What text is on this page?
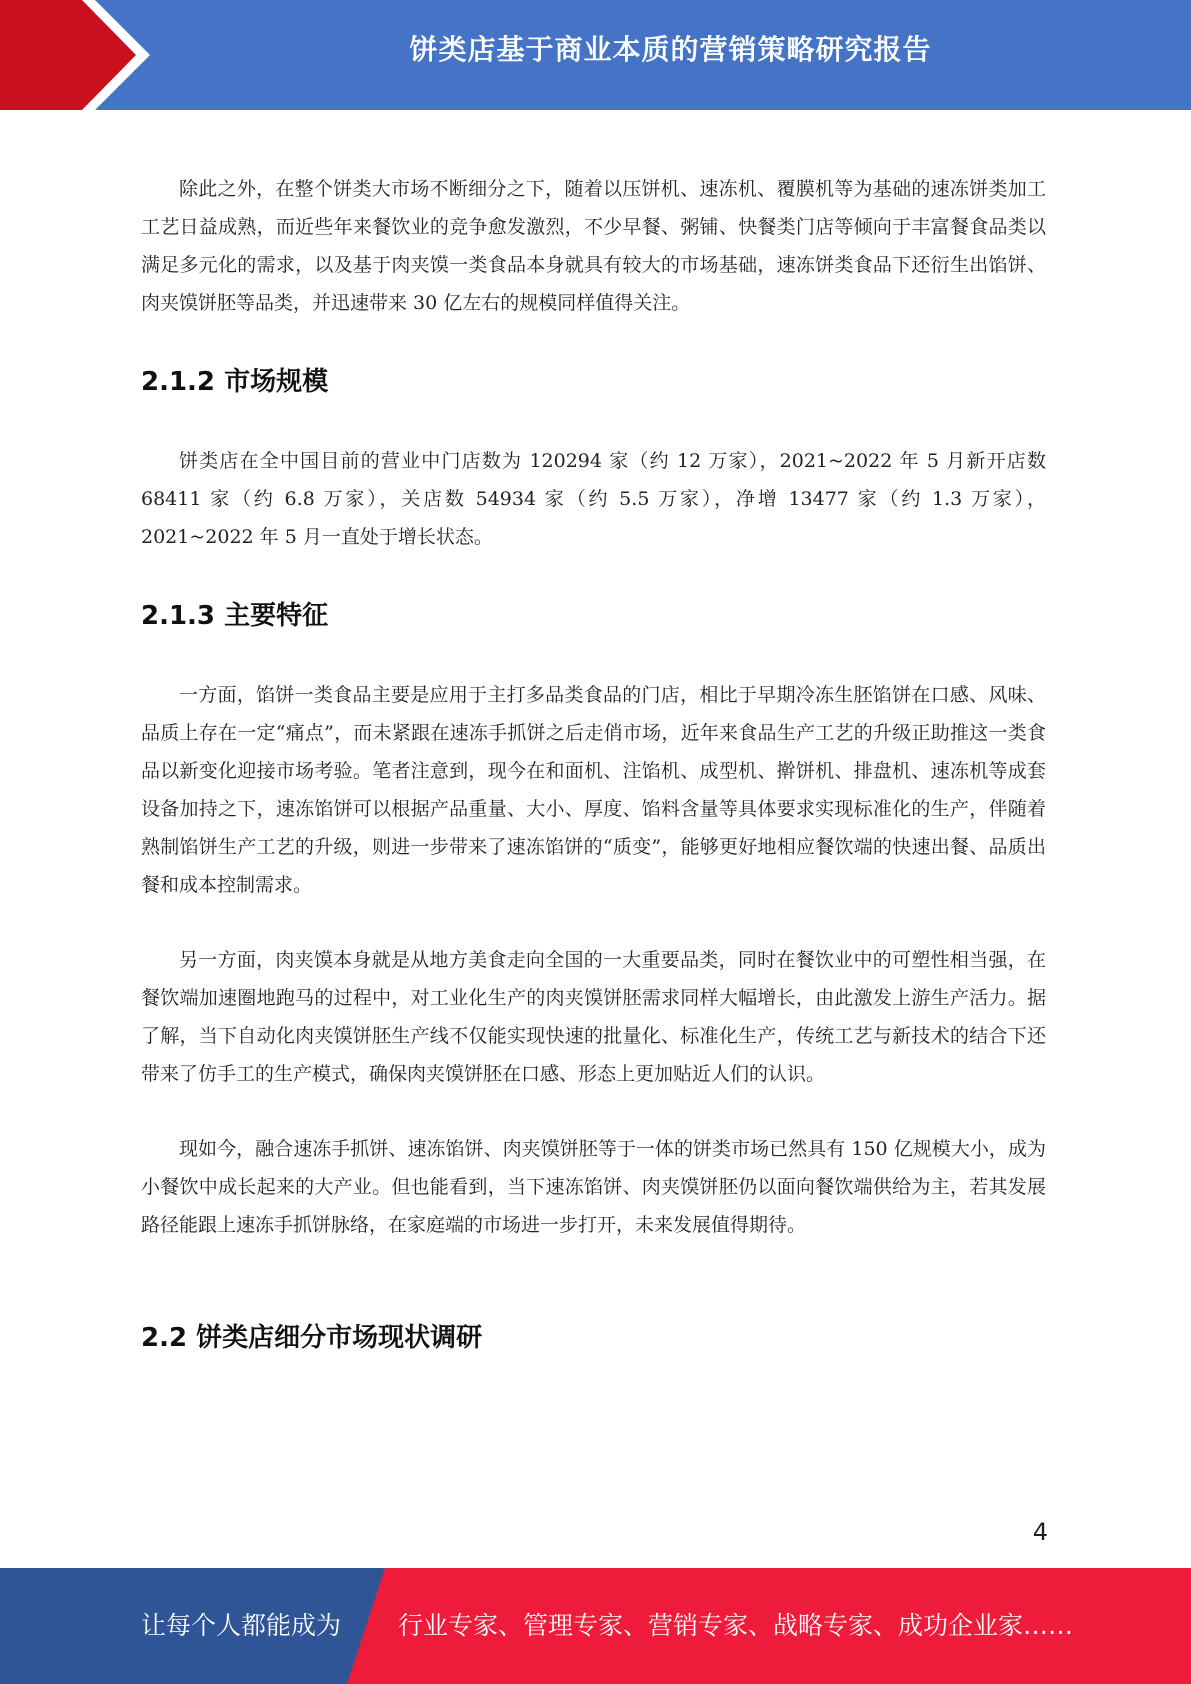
饼类店基于商业本质的营销策略研究报告

除此之外，在整个饼类大市场不断细分之下，随着以压饼机、速冻机、覆膜机等为基础的速冻饼类加工工艺日益成熟，而近些年来餐饮业的竞争愈发激烈，不少早餐、粥铺、快餐类门店等倾向于丰富餐食品类以满足多元化的需求，以及基于肉夹馍一类食品本身就具有较大的市场基础，速冻饼类食品下还衍生出馅饼、肉夹馍饼胚等品类，并迅速带来 30 亿左右的规模同样值得关注。

2.1.2 市场规模

饼类店在全中国目前的营业中门店数为 120294 家（约 12 万家），2021~2022 年 5 月新开店数 68411 家（约 6.8 万家），关店数 54934 家（约 5.5 万家），净增 13477 家（约 1.3 万家），2021~2022 年 5 月一直处于增长状态。

2.1.3 主要特征

一方面，馅饼一类食品主要是应用于主打多品类食品的门店，相比于早期冷冻生胚馅饼在口感、风味、品质上存在一定“痛点”，而未紧跟在速冻手抓饼之后走俏市场，近年来食品生产工艺的升级正助推这一类食品以新变化迎接市场考验。笔者注意到，现今在和面机、注馅机、成型机、擀饼机、排盘机、速冻机等成套设备加持之下，速冻馅饼可以根据产品重量、大小、厚度、馅料含量等具体要求实现标准化的生产，伴随着熟制馅饼生产工艺的升级，则进一步带来了速冻馅饼的“质变”，能够更好地相应餐饮端的快速出餐、品质出餐和成本控制需求。

另一方面，肉夹馍本身就是从地方美食走向全国的一大重要品类，同时在餐饮业中的可塑性相当强，在餐饮端加速圈地跑马的过程中，对工业化生产的肉夹馍饼胚需求同样大幅增长，由此激发上游生产活力。据了解，当下自动化肉夹馍饼胚生产线不仅能实现快速的批量化、标准化生产，传统工艺与新技术的结合下还带来了仿手工的生产模式，确保肉夹馍饼胚在口感、形态上更加贴近人们的认识。

现如今，融合速冻手抓饼、速冻馅饼、肉夹馍饼胚等于一体的饼类市场已然具有 150 亿规模大小，成为小餐饮中成长起来的大产业。但也能看到，当下速冻馅饼、肉夹馍饼胚仍以面向餐饮端供给为主，若其发展路径能跟上速冻手抓饼脉络，在家庭端的市场进一步打开，未来发展值得期待。

2.2 饼类店细分市场现状调研
4
让每个人都能成为 行业专家、管理专家、营销专家、战略专家、成功企业家……
